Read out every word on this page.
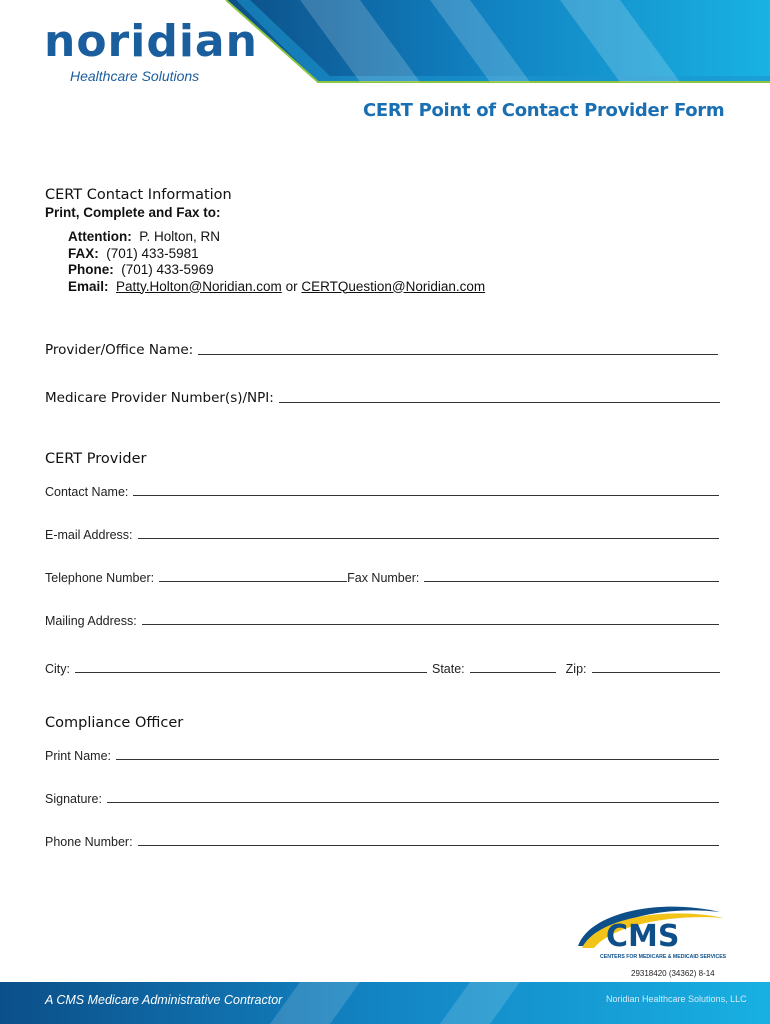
noridian
Healthcare Solutions
CERT Point of Contact Provider Form
CERT Contact Information
Print, Complete and Fax to:
Attention: P. Holton, RN
FAX: (701) 433-5981
Phone: (701) 433-5969
Email: Patty.Holton@Noridian.com or CERTQuestion@Noridian.com
Provider/Office Name:
Medicare Provider Number(s)/NPI:
CERT Provider
Contact Name:
E-mail Address:
Telephone Number:	Fax Number:
Mailing Address:
City:	State:	Zip:
Compliance Officer
Print Name:
Signature:
Phone Number:
CMS
CENTERS FOR MEDICARE & MEDICAID SERVICES
29318420 (34362) 8-14
A CMS Medicare Administrative Contractor	Noridian Healthcare Solutions, LLC
